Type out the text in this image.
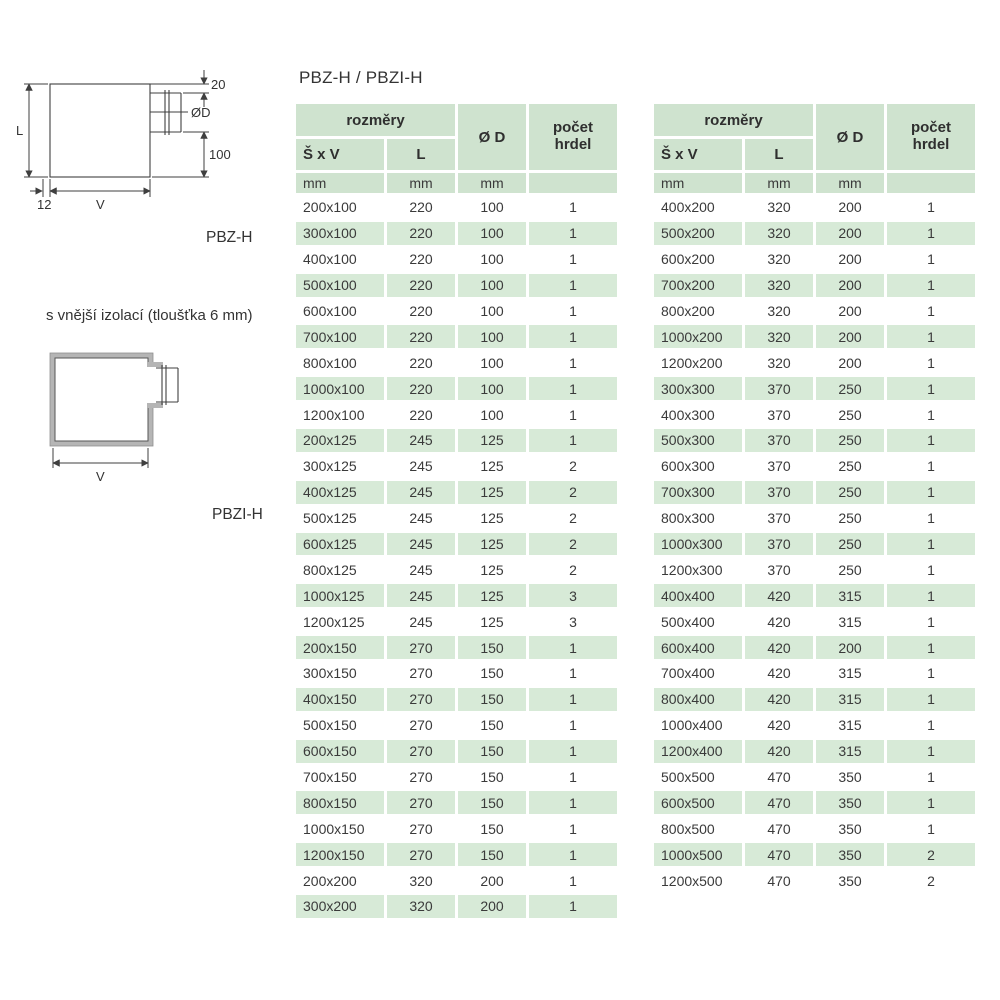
ØD
20
100
L
12	V
PBZ-H
s vnější izolací (tloušťka 6 mm)
V
PBZI-H
PBZ-H / PBZI-H
rozměry		Ø D	počet
hrdel
Š x V	L		
mm	mm	mm	
200x100	220	100	1
300x100	220	100	1
400x100	220	100	1
500x100	220	100	1
600x100	220	100	1
700x100	220	100	1
800x100	220	100	1
1000x100	220	100	1
1200x100	220	100	1
200x125	245	125	1
300x125	245	125	2
400x125	245	125	2
500x125	245	125	2
600x125	245	125	2
800x125	245	125	2
1000x125	245	125	3
1200x125	245	125	3
200x150	270	150	1
300x150	270	150	1
400x150	270	150	1
500x150	270	150	1
600x150	270	150	1
700x150	270	150	1
800x150	270	150	1
1000x150	270	150	1
1200x150	270	150	1
200x200	320	200	1
300x200	320	200	1
rozměry		Ø D	počet
hrdel
Š x V	L		
mm	mm	mm	
400x200	320	200	1
500x200	320	200	1
600x200	320	200	1
700x200	320	200	1
800x200	320	200	1
1000x200	320	200	1
1200x200	320	200	1
300x300	370	250	1
400x300	370	250	1
500x300	370	250	1
600x300	370	250	1
700x300	370	250	1
800x300	370	250	1
1000x300	370	250	1
1200x300	370	250	1
400x400	420	315	1
500x400	420	315	1
600x400	420	200	1
700x400	420	315	1
800x400	420	315	1
1000x400	420	315	1
1200x400	420	315	1
500x500	470	350	1
600x500	470	350	1
800x500	470	350	1
1000x500	470	350	2
1200x500	470	350	2
